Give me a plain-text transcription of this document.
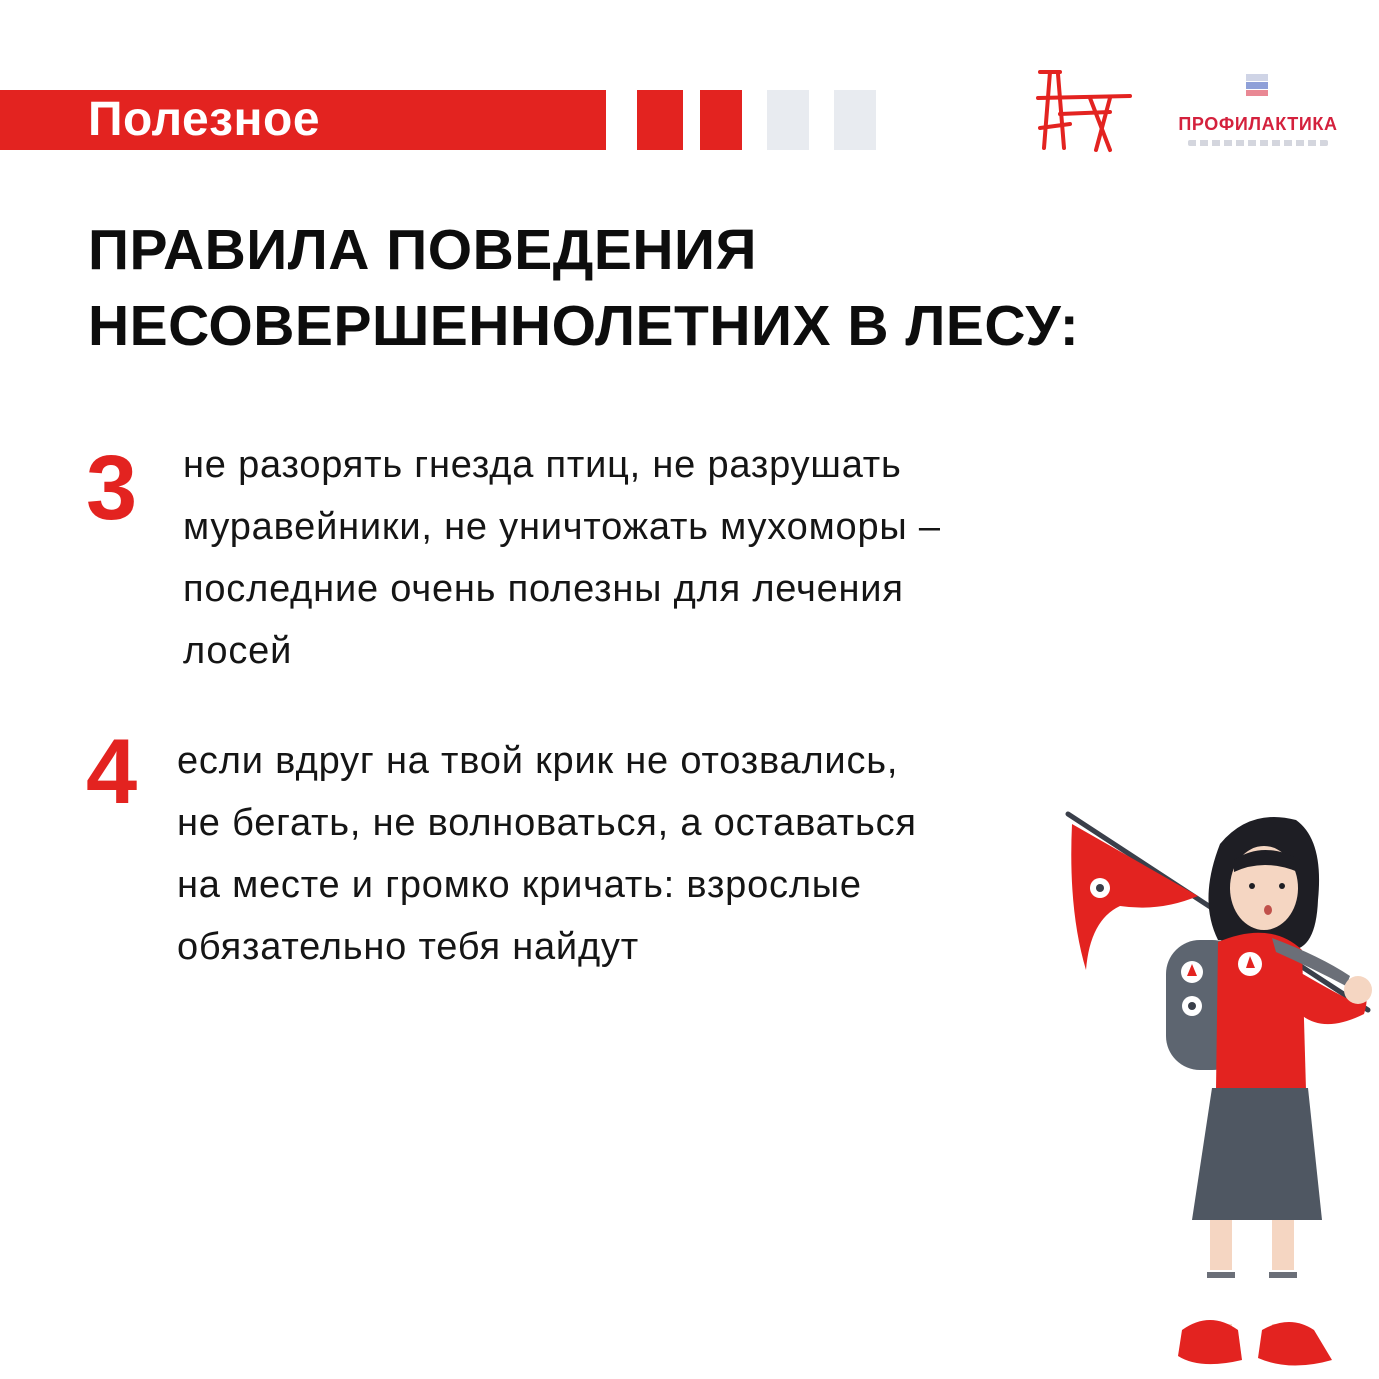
Полезное	ПРОФИЛАКТИКА
ПРАВИЛА ПОВЕДЕНИЯ
НЕСОВЕРШЕННОЛЕТНИХ В ЛЕСУ:
3 не разорять гнезда птиц, не разрушать
муравейники, не уничтожать мухоморы –
последние очень полезны для лечения
лосей
4 если вдруг на твой крик не отозвались,
не бегать, не волноваться, а оставаться
на месте и громко кричать: взрослые
обязательно тебя найдут
